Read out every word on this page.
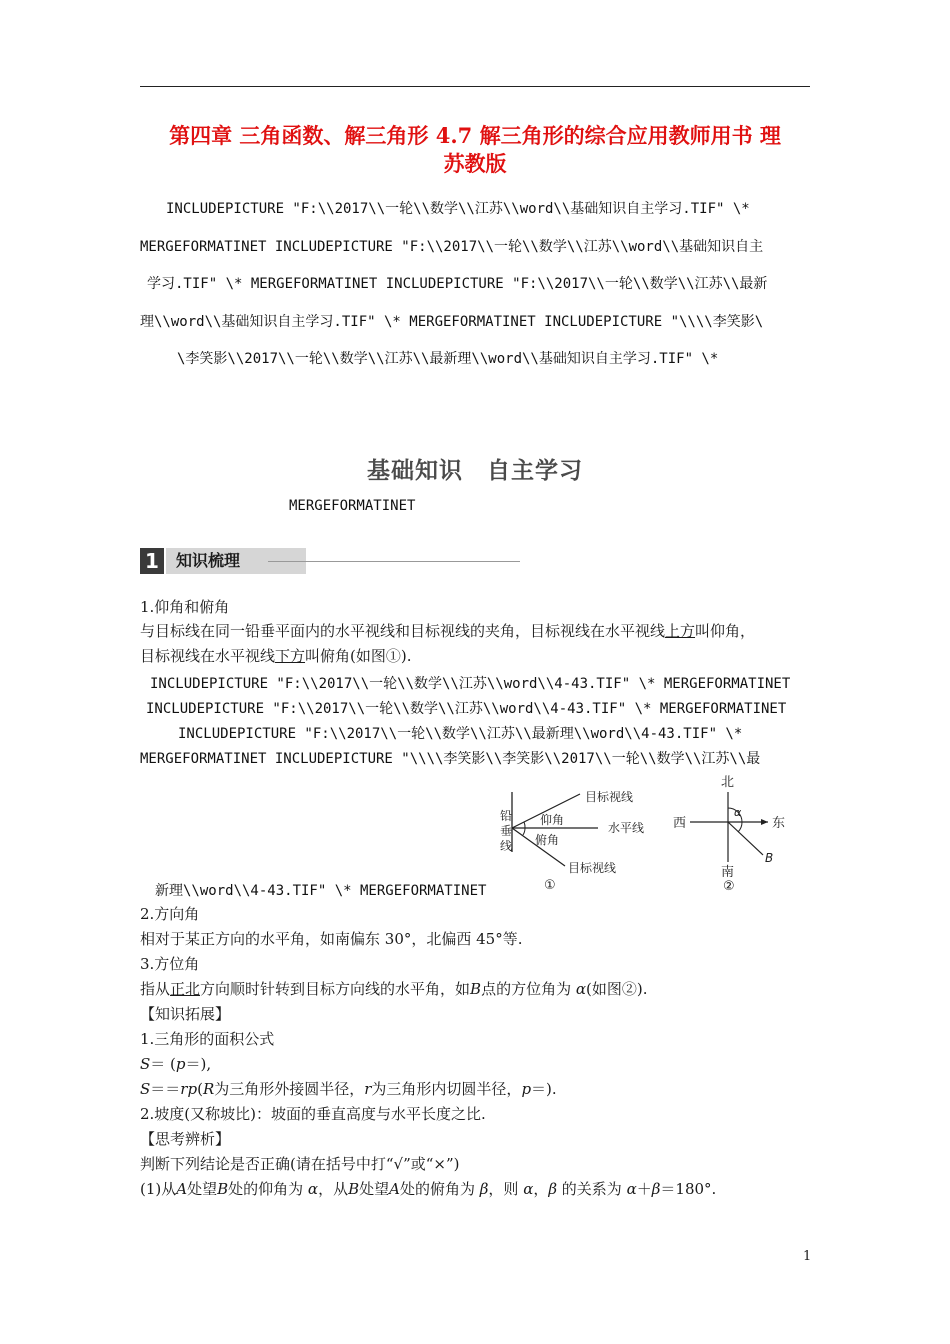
第四章 三角函数、解三角形 4.7 解三角形的综合应用教师用书 理
苏教版
INCLUDEPICTURE "F:\\2017\\一轮\\数学\\江苏\\word\\基础知识自主学习.TIF" \*
MERGEFORMATINET INCLUDEPICTURE "F:\\2017\\一轮\\数学\\江苏\\word\\基础知识自主
学习.TIF" \* MERGEFORMATINET INCLUDEPICTURE "F:\\2017\\一轮\\数学\\江苏\\最新
理\\word\\基础知识自主学习.TIF" \* MERGEFORMATINET INCLUDEPICTURE "\\\\李笑影\
\李笑影\\2017\\一轮\\数学\\江苏\\最新理\\word\\基础知识自主学习.TIF" \*
基础知识　自主学习
MERGEFORMATINET
1	知识梳理
1.仰角和俯角
与目标线在同一铅垂平面内的水平视线和目标视线的夹角，目标视线在水平视线上方叫仰角，
目标视线在水平视线下方叫俯角(如图①).
INCLUDEPICTURE "F:\\2017\\一轮\\数学\\江苏\\word\\4-43.TIF" \* MERGEFORMATINET
INCLUDEPICTURE "F:\\2017\\一轮\\数学\\江苏\\word\\4-43.TIF" \* MERGEFORMATINET
INCLUDEPICTURE "F:\\2017\\一轮\\数学\\江苏\\最新理\\word\\4-43.TIF" \*
MERGEFORMATINET INCLUDEPICTURE "\\\\李笑影\\李笑影\\2017\\一轮\\数学\\江苏\\最
新理\\word\\4-43.TIF" \* MERGEFORMATINET
铅
垂
线
目标视线
仰角
水平线
俯角
目标视线
①
北
南
西	东
α
B
②
2.方向角
相对于某正方向的水平角，如南偏东 30°，北偏西 45°等.
3.方位角
指从正北方向顺时针转到目标方向线的水平角，如B点的方位角为 α(如图②).
【知识拓展】
1.三角形的面积公式
S＝ (p＝),
S＝＝rp(R为三角形外接圆半径，r为三角形内切圆半径，p＝).
2.坡度(又称坡比)：坡面的垂直高度与水平长度之比.
【思考辨析】
判断下列结论是否正确(请在括号中打“√”或“×”)
(1)从A处望B处的仰角为 α，从B处望A处的俯角为 β，则 α，β 的关系为 α＋β＝180°.
1
